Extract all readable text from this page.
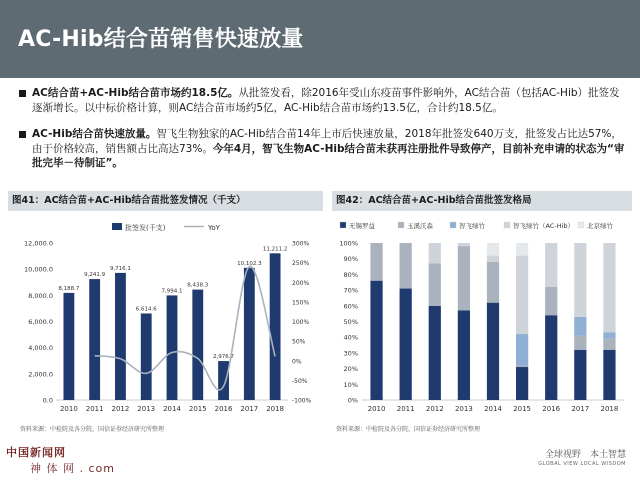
AC-Hib结合苗销售快速放量
AC结合苗+AC-Hib结合苗市场约18.5亿。从批签发看，除2016年受山东疫苗事件影响外，AC结合苗（包括AC-Hib）批签发逐渐增长。以中标价格计算，则AC结合苗市场约5亿，AC-Hib结合苗市场约13.5亿，合计约18.5亿。
AC-Hib结合苗快速放量。智飞生物独家的AC-Hib结合苗14年上市后快速放量，2018年批签发640万支，批签发占比达57%，由于价格较高，销售额占比高达73%。今年4月，智飞生物AC-Hib结合苗未获再注册批件导致停产，目前补充申请的状态为“审批完毕－待制证”。
图41：AC结合苗+AC-Hib结合苗批签发情况（千支）	图42：AC结合苗+AC-Hib结合苗批签发格局
批签发(千支)	YoY
0.0
2,000.0
4,000.0
6,000.0
8,000.0
10,000.0
12,000.0
-100%
-50%
0%
50%
100%
150%
200%
250%
300%
8,188.7
2010
9,241.9
2011
9,716.1
2012
6,614.6
2013
7,994.1
2014
8,438.3
2015
2,976.7
2016
10,102.3
2017
11,211.2
2018
无锡罗益	玉溪沃森	智飞绿竹	智飞绿竹（AC-Hib） 北京绿竹
0%
10%
20%
30%
40%
50%
60%
70%
80%
90%
100%
2010 2011 2012 2013 2014 2015 2016 2017 2018
资料来源：中检院及各分院，国信证券经济研究所整理	资料来源：中检院及各分院，国信证券经济研究所整理
中国新闻网
神 体 网 . com
全球视野　本土智慧
GLOBAL VIEW LOCAL WISDOM
